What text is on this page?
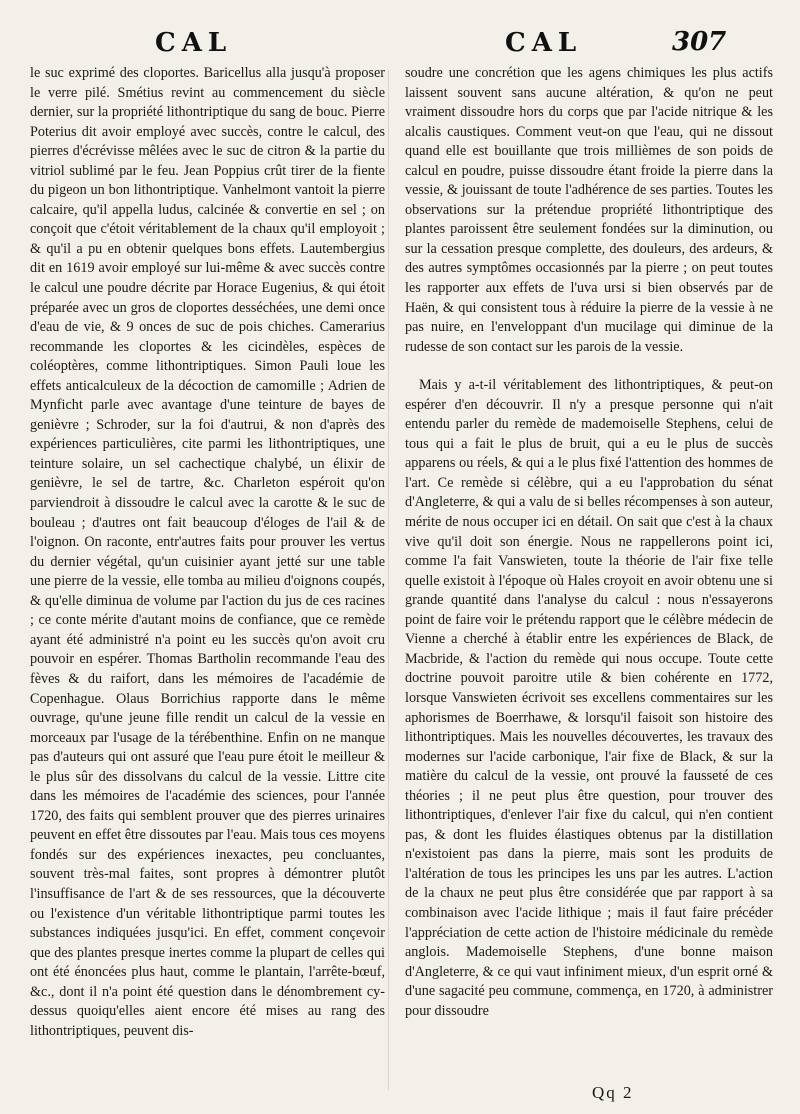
CAL	CAL	307

le suc exprimé des cloportes. Baricellus alla jusqu'à proposer le verre pilé. Smétius revint au commencement du siècle dernier, sur la propriété lithontriptique du sang de bouc. Pierre Poterius dit avoir employé avec succès, contre le calcul, des pierres d'écrévisse mêlées avec le suc de citron & la partie du vitriol sublimé par le feu. Jean Poppius crût tirer de la fiente du pigeon un bon lithontriptique. Vanhelmont vantoit la pierre calcaire, qu'il appella ludus, calcinée & convertie en sel ; on conçoit que c'étoit véritablement de la chaux qu'il employoit ; & qu'il a pu en obtenir quelques bons effets. Lautembergius dit en 1619 avoir employé sur lui-même & avec succès contre le calcul une poudre décrite par Horace Eugenius, & qui étoit préparée avec un gros de cloportes desséchées, une demi once d'eau de vie, & 9 onces de suc de pois chiches. Camerarius recommande les cloportes & les cicindèles, espèces de coléoptères, comme lithontriptiques. Simon Pauli loue les effets anticalculeux de la décoction de camomille ; Adrien de Mynficht parle avec avantage d'une teinture de bayes de genièvre ; Schroder, sur la foi d'autrui, & non d'après des expériences particulières, cite parmi les lithontriptiques, une teinture solaire, un sel cachectique chalybé, un élixir de genièvre, le sel de tartre, &c. Charleton espéroit qu'on parviendroit à dissoudre le calcul avec la carotte & le suc de bouleau ; d'autres ont fait beaucoup d'éloges de l'ail & de l'oignon. On raconte, entr'autres faits pour prouver les vertus du dernier végétal, qu'un cuisinier ayant jetté sur une table une pierre de la vessie, elle tomba au milieu d'oignons coupés, & qu'elle diminua de volume par l'action du jus de ces racines ; ce conte mérite d'autant moins de confiance, que ce remède ayant été administré n'a point eu les succès qu'on avoit cru pouvoir en espérer. Thomas Bartholin recommande l'eau des fèves & du raifort, dans les mémoires de l'académie de Copenhague. Olaus Borrichius rapporte dans le même ouvrage, qu'une jeune fille rendit un calcul de la vessie en morceaux par l'usage de la térébenthine. Enfin on ne manque pas d'auteurs qui ont assuré que l'eau pure étoit le meilleur & le plus sûr des dissolvans du calcul de la vessie. Littre cite dans les mémoires de l'académie des sciences, pour l'année 1720, des faits qui semblent prouver que des pierres urinaires peuvent en effet être dissoutes par l'eau. Mais tous ces moyens fondés sur des expériences inexactes, peu concluantes, souvent très-mal faites, sont propres à démontrer plutôt l'insuffisance de l'art & de ses ressources, que la découverte ou l'existence d'un véritable lithontriptique parmi toutes les substances indiquées jusqu'ici. En effet, comment conçevoir que des plantes presque inertes comme la plupart de celles qui ont été énoncées plus haut, comme le plantain, l'arrête-bœuf, &c., dont il n'a point été question dans le dénombrement cy-dessus quoiqu'elles aient encore été mises au rang des lithontriptiques, peuvent dis-

soudre une concrétion que les agens chimiques les plus actifs laissent souvent sans aucune altération, & qu'on ne peut vraiment dissoudre hors du corps que par l'acide nitrique & les alcalis caustiques. Comment veut-on que l'eau, qui ne dissout quand elle est bouillante que trois millièmes de son poids de calcul en poudre, puisse dissoudre étant froide la pierre dans la vessie, & jouissant de toute l'adhérence de ses parties. Toutes les observations sur la prétendue propriété lithontriptique des plantes paroissent être seulement fondées sur la diminution, ou sur la cessation presque complette, des douleurs, des ardeurs, & des autres symptômes occasionnés par la pierre ; on peut toutes les rapporter aux effets de l'uva ursi si bien observés par de Haën, & qui consistent tous à réduire la pierre de la vessie à ne pas nuire, en l'enveloppant d'un mucilage qui diminue de la rudesse de son contact sur les parois de la vessie.

Mais y a-t-il véritablement des lithontriptiques, & peut-on espérer d'en découvrir. Il n'y a presque personne qui n'ait entendu parler du remède de mademoiselle Stephens, celui de tous qui a fait le plus de bruit, qui a eu le plus de succès apparens ou réels, & qui a le plus fixé l'attention des hommes de l'art. Ce remède si célèbre, qui a eu l'approbation du sénat d'Angleterre, & qui a valu de si belles récompenses à son auteur, mérite de nous occuper ici en détail. On sait que c'est à la chaux vive qu'il doit son énergie. Nous ne rappellerons point ici, comme l'a fait Vanswieten, toute la théorie de l'air fixe telle quelle existoit à l'époque où Hales croyoit en avoir obtenu une si grande quantité dans l'analyse du calcul : nous n'essayerons point de faire voir le prétendu rapport que le célèbre médecin de Vienne a cherché à établir entre les expériences de Black, de Macbride, & l'action du remède qui nous occupe. Toute cette doctrine pouvoit paroitre utile & bien cohérente en 1772, lorsque Vanswieten écrivoit ses excellens commentaires sur les aphorismes de Boerrhawe, & lorsqu'il faisoit son histoire des lithontriptiques. Mais les nouvelles découvertes, les travaux des modernes sur l'acide carbonique, l'air fixe de Black, & sur la matière du calcul de la vessie, ont prouvé la fausseté de ces théories ; il ne peut plus être question, pour trouver des lithontriptiques, d'enlever l'air fixe du calcul, qui n'en contient pas, & dont les fluides élastiques obtenus par la distillation n'existoient pas dans la pierre, mais sont les produits de l'altération de tous les principes les uns par les autres. L'action de la chaux ne peut plus être considérée que par rapport à sa combinaison avec l'acide lithique ; mais il faut faire précéder l'appréciation de cette action de l'histoire médicinale du remède anglois. Mademoiselle Stephens, d'une bonne maison d'Angleterre, & ce qui vaut infiniment mieux, d'un esprit orné & d'une sagacité peu commune, commença, en 1720, à administrer pour dissoudre

Qq 2
